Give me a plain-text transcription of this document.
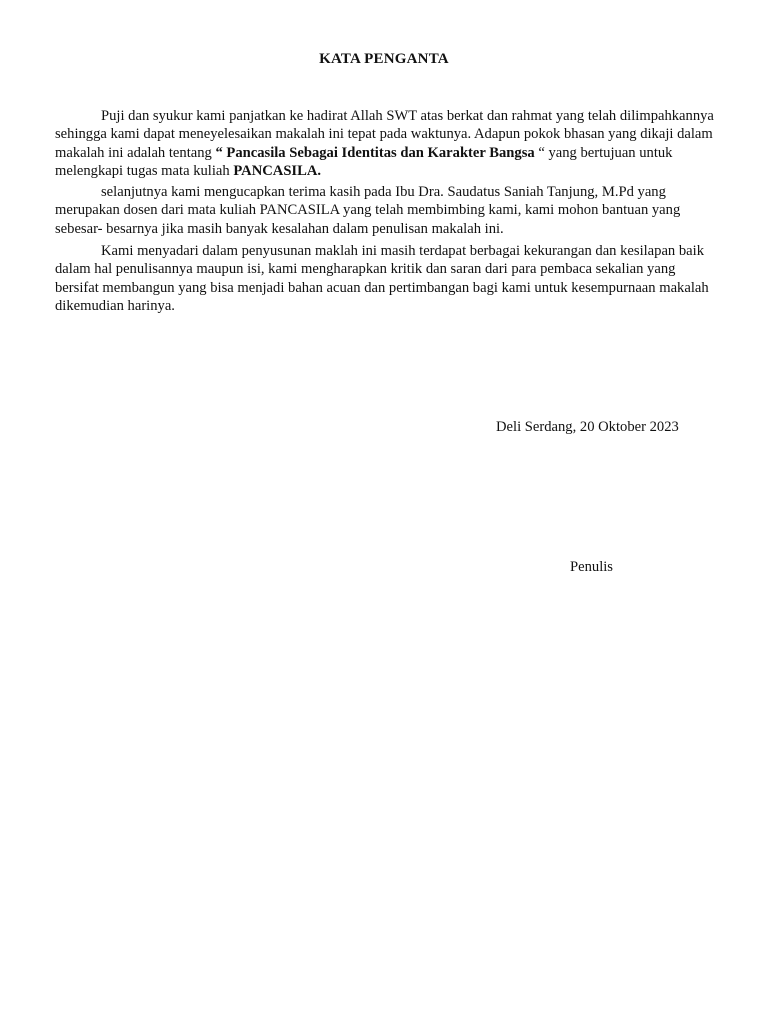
KATA PENGANTA

Puji dan syukur kami panjatkan ke hadirat Allah SWT atas berkat dan rahmat yang telah dilimpahkannya sehingga kami dapat meneyelesaikan makalah ini tepat pada waktunya. Adapun pokok bhasan yang dikaji dalam makalah ini adalah tentang “ Pancasila Sebagai Identitas dan Karakter Bangsa “ yang bertujuan untuk melengkapi tugas mata kuliah PANCASILA.

selanjutnya kami mengucapkan terima kasih pada Ibu Dra. Saudatus Saniah Tanjung, M.Pd yang merupakan dosen dari mata kuliah PANCASILA yang telah membimbing kami, kami mohon bantuan yang sebesar- besarnya jika masih banyak kesalahan dalam penulisan makalah ini.

Kami menyadari dalam penyusunan maklah ini masih terdapat berbagai kekurangan dan kesilapan baik dalam hal penulisannya maupun isi, kami mengharapkan kritik dan saran dari para pembaca sekalian yang bersifat membangun yang bisa menjadi bahan acuan dan pertimbangan bagi kami untuk kesempurnaan makalah dikemudian harinya.

Deli Serdang, 20 Oktober 2023
Penulis
